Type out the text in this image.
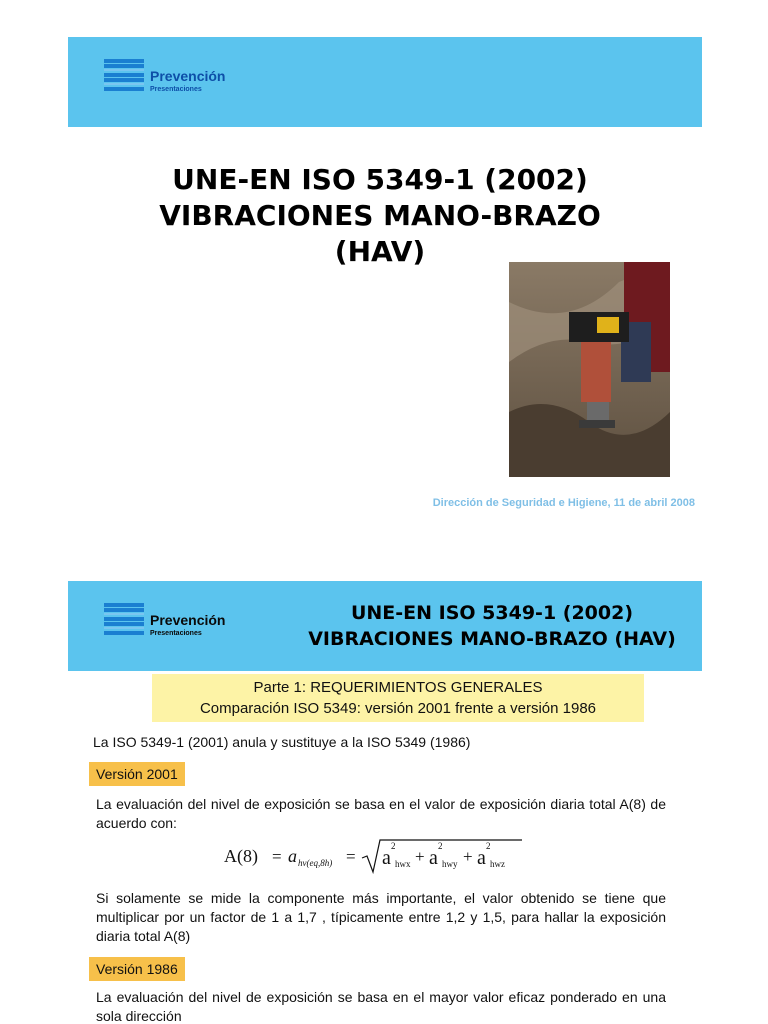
Prevención
Presentaciones
UNE-EN ISO 5349-1 (2002)
VIBRACIONES MANO-BRAZO
(HAV)
Dirección de Seguridad e Higiene, 11 de abril 2008
Prevención
Presentaciones
UNE-EN ISO 5349-1 (2002)
VIBRACIONES MANO-BRAZO (HAV)
Parte 1: REQUERIMIENTOS GENERALES
Comparación ISO 5349: versión 2001 frente a versión 1986
La ISO 5349-1 (2001) anula y sustituye a la ISO 5349 (1986)
Versión 2001
La evaluación del nivel de exposición se basa en el valor de exposición diaria total A(8) de acuerdo con:
A(8) = a hv(eq,8h) = a
2
hwx + a
2
hwy + a
2
hwz
Si solamente se mide la componente más importante, el valor obtenido se tiene que multiplicar por un factor de 1 a 1,7 , típicamente entre 1,2 y 1,5, para hallar la exposición diaria total A(8)
Versión 1986
La evaluación del nivel de exposición se basa en el mayor valor eficaz ponderado en una sola dirección
